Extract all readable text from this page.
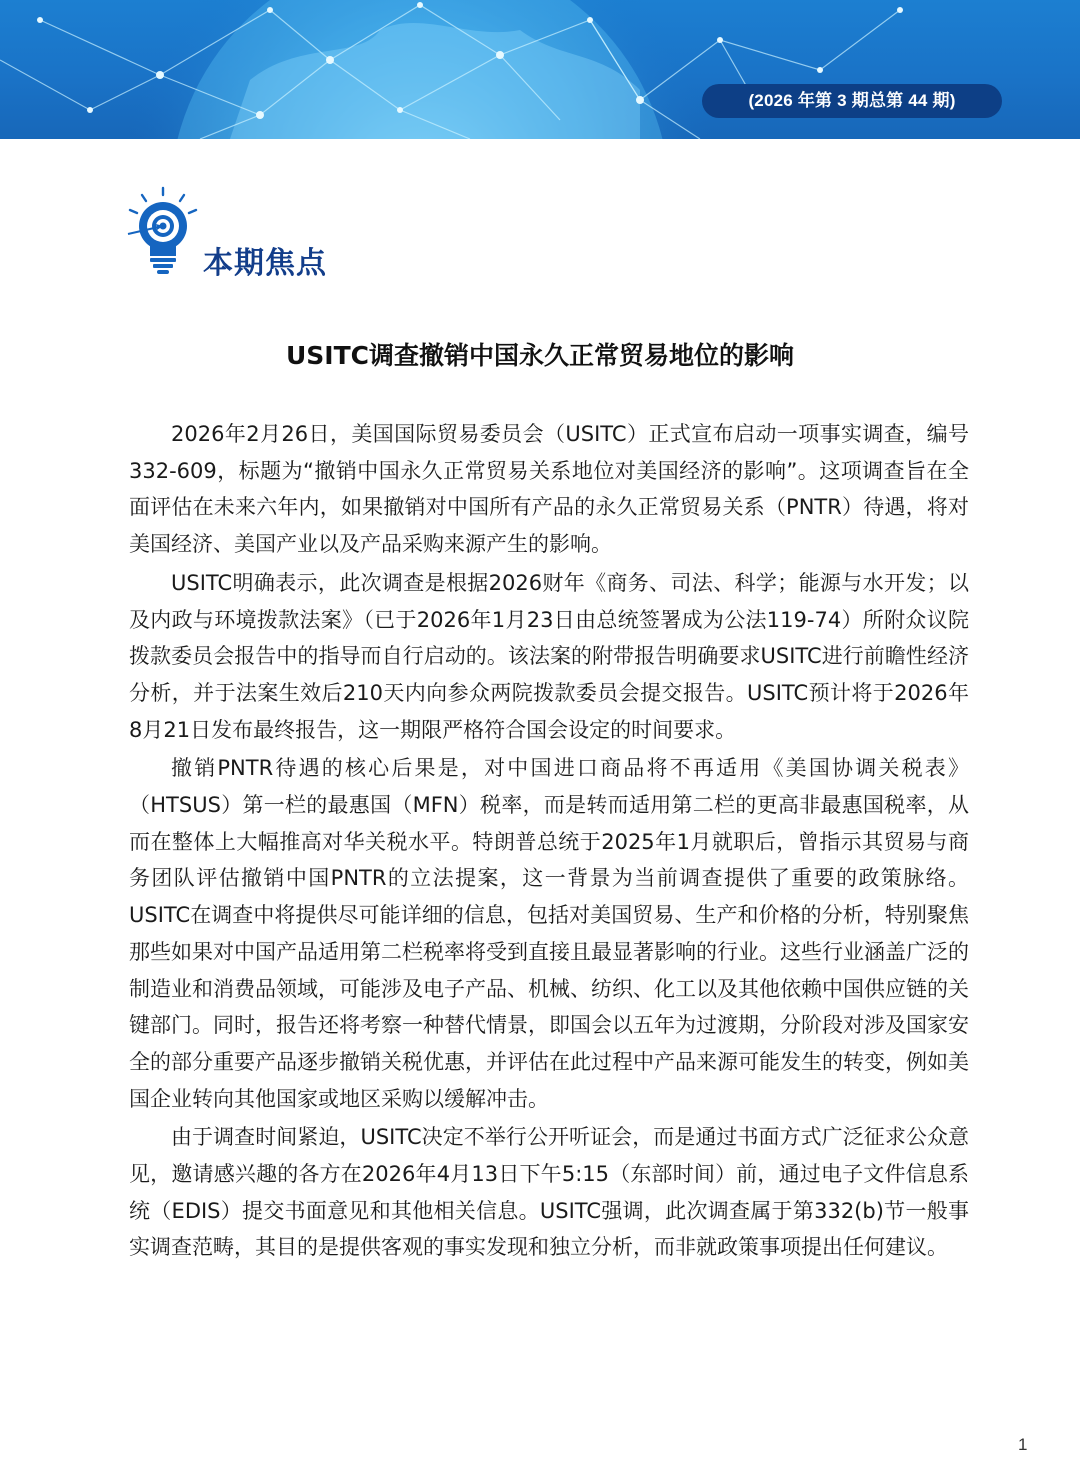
(2026 年第 3 期总第 44 期)
本期焦点
USITC调查撤销中国永久正常贸易地位的影响

2026年2月26日，美国国际贸易委员会（USITC）正式宣布启动一项事实调查，编号332-609，标题为“撤销中国永久正常贸易关系地位对美国经济的影响”。这项调查旨在全面评估在未来六年内，如果撤销对中国所有产品的永久正常贸易关系（PNTR）待遇，将对美国经济、美国产业以及产品采购来源产生的影响。

USITC明确表示，此次调查是根据2026财年《商务、司法、科学；能源与水开发；以及内政与环境拨款法案》（已于2026年1月23日由总统签署成为公法119-74）所附众议院拨款委员会报告中的指导而自行启动的。该法案的附带报告明确要求USITC进行前瞻性经济分析，并于法案生效后210天内向参众两院拨款委员会提交报告。USITC预计将于2026年8月21日发布最终报告，这一期限严格符合国会设定的时间要求。

撤销PNTR待遇的核心后果是，对中国进口商品将不再适用《美国协调关税表》（HTSUS）第一栏的最惠国（MFN）税率，而是转而适用第二栏的更高非最惠国税率，从而在整体上大幅推高对华关税水平。特朗普总统于2025年1月就职后，曾指示其贸易与商务团队评估撤销中国PNTR的立法提案，这一背景为当前调查提供了重要的政策脉络。USITC在调查中将提供尽可能详细的信息，包括对美国贸易、生产和价格的分析，特别聚焦那些如果对中国产品适用第二栏税率将受到直接且最显著影响的行业。这些行业涵盖广泛的制造业和消费品领域，可能涉及电子产品、机械、纺织、化工以及其他依赖中国供应链的关键部门。同时，报告还将考察一种替代情景，即国会以五年为过渡期，分阶段对涉及国家安全的部分重要产品逐步撤销关税优惠，并评估在此过程中产品来源可能发生的转变，例如美国企业转向其他国家或地区采购以缓解冲击。

由于调查时间紧迫，USITC决定不举行公开听证会，而是通过书面方式广泛征求公众意见，邀请感兴趣的各方在2026年4月13日下午5:15（东部时间）前，通过电子文件信息系统（EDIS）提交书面意见和其他相关信息。USITC强调，此次调查属于第332(b)节一般事实调查范畴，其目的是提供客观的事实发现和独立分析，而非就政策事项提出任何建议。

1
